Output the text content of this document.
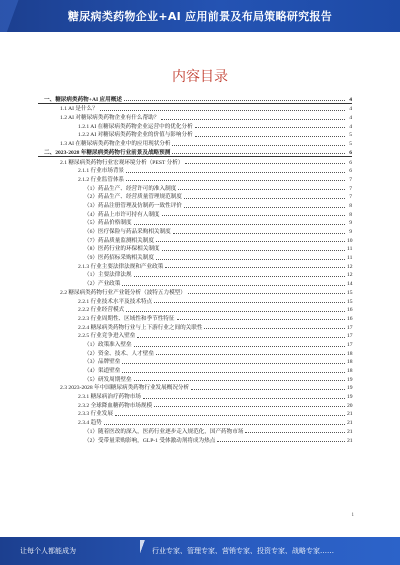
糖尿病类药物企业+AI 应用前景及布局策略研究报告
内容目录
一、糖尿病类药物+AI 应用概述	4
1.1 AI 是什么？	4
1.2 AI 对糖尿病类药物企业有什么帮助？	4
1.2.1 AI 在糖尿病类药物企业运营中的优化分析	4
1.2.2 AI 对糖尿病类药物企业的价值与影响分析	5
1.3 AI 在糖尿病类药物企业中的应用现状分析	5
二、2023-2028 年糖尿病类药物行业前景及战略预测	6
2.1 糖尿病类药物行业宏观环境分析（PEST 分析）	6
2.1.1 行业市场背景	6
2.1.2 行业监管体系	7
（1）药品生产、经营许可的准入制度	7
（2）药品生产、经营质量管理规范制度	7
（3）药品注册管理及仿制药一致性评价	8
（4）药品上市许可持有人制度	8
（5）药品价格制度	9
（6）医疗保险与药品采购相关制度	9
（7）药品质量监测相关制度	10
（8）医药行业的环保相关制度	11
（9）医药招标采购相关制度	11
2.1.3 行业主要法律法规和产业政策	12
（1）主要法律法规	12
（2）产业政策	14
2.2 糖尿病类药物行业产业链分析（波特五力模型）	15
2.2.1 行业技术水平及技术特点	15
2.2.2 行业经营模式	16
2.2.3 行业周期性、区域性和季节性特征	16
2.2.4 糖尿病类药物行业与上下游行业之间的关联性	17
2.2.5 行业竞争进入壁垒	17
（1）政策准入壁垒	17
（2）资金、技术、人才壁垒	18
（3）品牌壁垒	18
（4）渠道壁垒	18
（5）研发周期壁垒	19
2.3 2023-2028 年中国糖尿病类药物行业发展概况分析	19
2.3.1 糖尿病治疗药物市场	19
2.3.2 全球降血糖药物市场规模	20
2.3.3 行业发展	21
2.3.4 趋势	21
（1）随着医改的深入，医药行业逐步走入规范化，国产药物市场	21
（2）受带量采购影响，GLP-1 受体激动剂将成为热点	21
1
让每个人都能成为	行业专家、管理专家、营销专家、投资专家、战略专家……
